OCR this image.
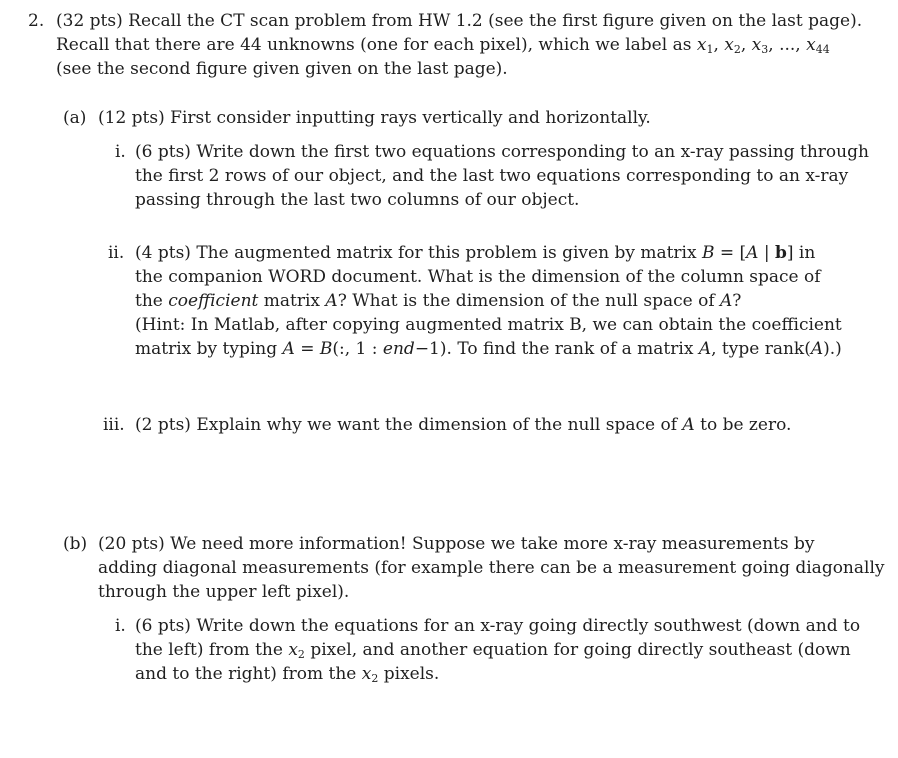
2. (32 pts) Recall the CT scan problem from HW 1.2 (see the first figure given on the last page).
Recall that there are 44 unknowns (one for each pixel), which we label as $x_1$, $x_2$, $x_3$, ..., $x_{44}$
(see the second figure given given on the last page).
(a) (12 pts) First consider inputting rays vertically and horizontally.
i. (6 pts) Write down the first two equations corresponding to an x-ray passing through
the first 2 rows of our object, and the last two equations corresponding to an x-ray
passing through the last two columns of our object.
ii. (4 pts) The augmented matrix for this problem is given by matrix B = [A | b] in
the companion WORD document. What is the dimension of the column space of
the coefficient matrix A? What is the dimension of the null space of A?
(Hint: In Matlab, after copying augmented matrix B, we can obtain the coefficient
matrix by typing A = B(:, 1 : end−1). To find the rank of a matrix A, type rank(A).)
iii. (2 pts) Explain why we want the dimension of the null space of A to be zero.
(b) (20 pts) We need more information! Suppose we take more x-ray measurements by
adding diagonal measurements (for example there can be a measurement going diagonally
through the upper left pixel).
i. (6 pts) Write down the equations for an x-ray going directly southwest (down and to
the left) from the $x_2$ pixel, and another equation for going directly southeast (down
and to the right) from the $x_2$ pixels.
